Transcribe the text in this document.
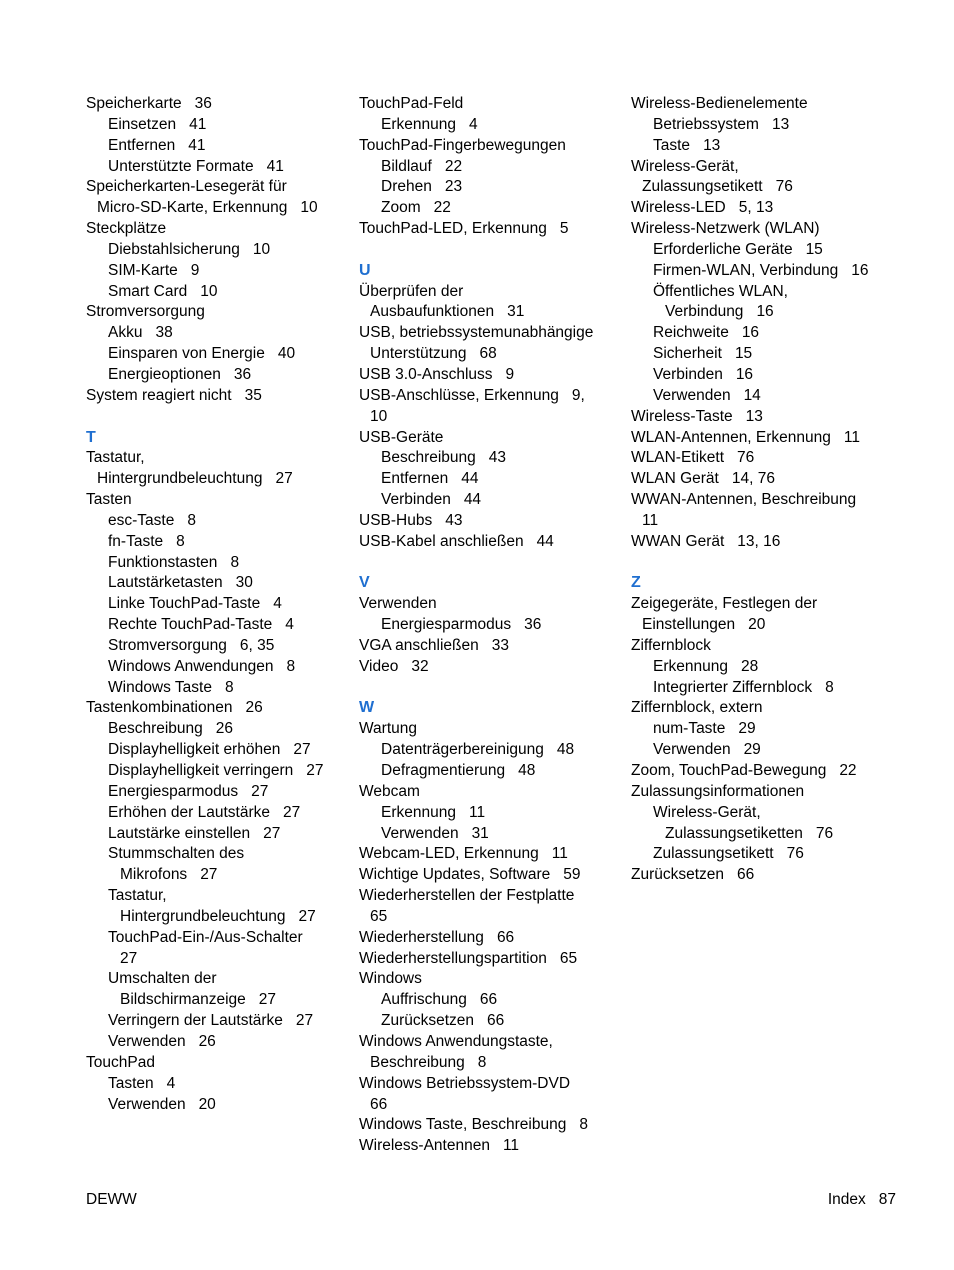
Speicherkarte 36
Einsetzen 41
Entfernen 41
Unterstützte Formate 41
Speicherkarten-Lesegerät für
Micro-SD-Karte, Erkennung 10
Steckplätze
Diebstahlsicherung 10
SIM-Karte 9
Smart Card 10
Stromversorgung
Akku 38
Einsparen von Energie 40
Energieoptionen 36
System reagiert nicht 35
T
Tastatur,
Hintergrundbeleuchtung 27
Tasten
esc-Taste 8
fn-Taste 8
Funktionstasten 8
Lautstärketasten 30
Linke TouchPad-Taste 4
Rechte TouchPad-Taste 4
Stromversorgung 6, 35
Windows Anwendungen 8
Windows Taste 8
Tastenkombinationen 26
Beschreibung 26
Displayhelligkeit erhöhen 27
Displayhelligkeit verringern 27
Energiesparmodus 27
Erhöhen der Lautstärke 27
Lautstärke einstellen 27
Stummschalten des
Mikrofons 27
Tastatur,
Hintergrundbeleuchtung 27
TouchPad-Ein-/Aus-Schalter
27
Umschalten der
Bildschirmanzeige 27
Verringern der Lautstärke 27
Verwenden 26
TouchPad
Tasten 4
Verwenden 20
TouchPad-Feld
Erkennung 4
TouchPad-Fingerbewegungen
Bildlauf 22
Drehen 23
Zoom 22
TouchPad-LED, Erkennung 5
U
Überprüfen der
Ausbaufunktionen 31
USB, betriebssystemunabhängige
Unterstützung 68
USB 3.0-Anschluss 9
USB-Anschlüsse, Erkennung 9,
10
USB-Geräte
Beschreibung 43
Entfernen 44
Verbinden 44
USB-Hubs 43
USB-Kabel anschließen 44
V
Verwenden
Energiesparmodus 36
VGA anschließen 33
Video 32
W
Wartung
Datenträgerbereinigung 48
Defragmentierung 48
Webcam
Erkennung 11
Verwenden 31
Webcam-LED, Erkennung 11
Wichtige Updates, Software 59
Wiederherstellen der Festplatte
65
Wiederherstellung 66
Wiederherstellungspartition 65
Windows
Auffrischung 66
Zurücksetzen 66
Windows Anwendungstaste,
Beschreibung 8
Windows Betriebssystem-DVD
66
Windows Taste, Beschreibung 8
Wireless-Antennen 11
Wireless-Bedienelemente
Betriebssystem 13
Taste 13
Wireless-Gerät,
Zulassungsetikett 76
Wireless-LED 5, 13
Wireless-Netzwerk (WLAN)
Erforderliche Geräte 15
Firmen-WLAN, Verbindung 16
Öffentliches WLAN,
Verbindung 16
Reichweite 16
Sicherheit 15
Verbinden 16
Verwenden 14
Wireless-Taste 13
WLAN-Antennen, Erkennung 11
WLAN-Etikett 76
WLAN Gerät 14, 76
WWAN-Antennen, Beschreibung
11
WWAN Gerät 13, 16
Z
Zeigegeräte, Festlegen der
Einstellungen 20
Ziffernblock
Erkennung 28
Integrierter Ziffernblock 8
Ziffernblock, extern
num-Taste 29
Verwenden 29
Zoom, TouchPad-Bewegung 22
Zulassungsinformationen
Wireless-Gerät,
Zulassungsetiketten 76
Zulassungsetikett 76
Zurücksetzen 66
DEWW	Index 87
